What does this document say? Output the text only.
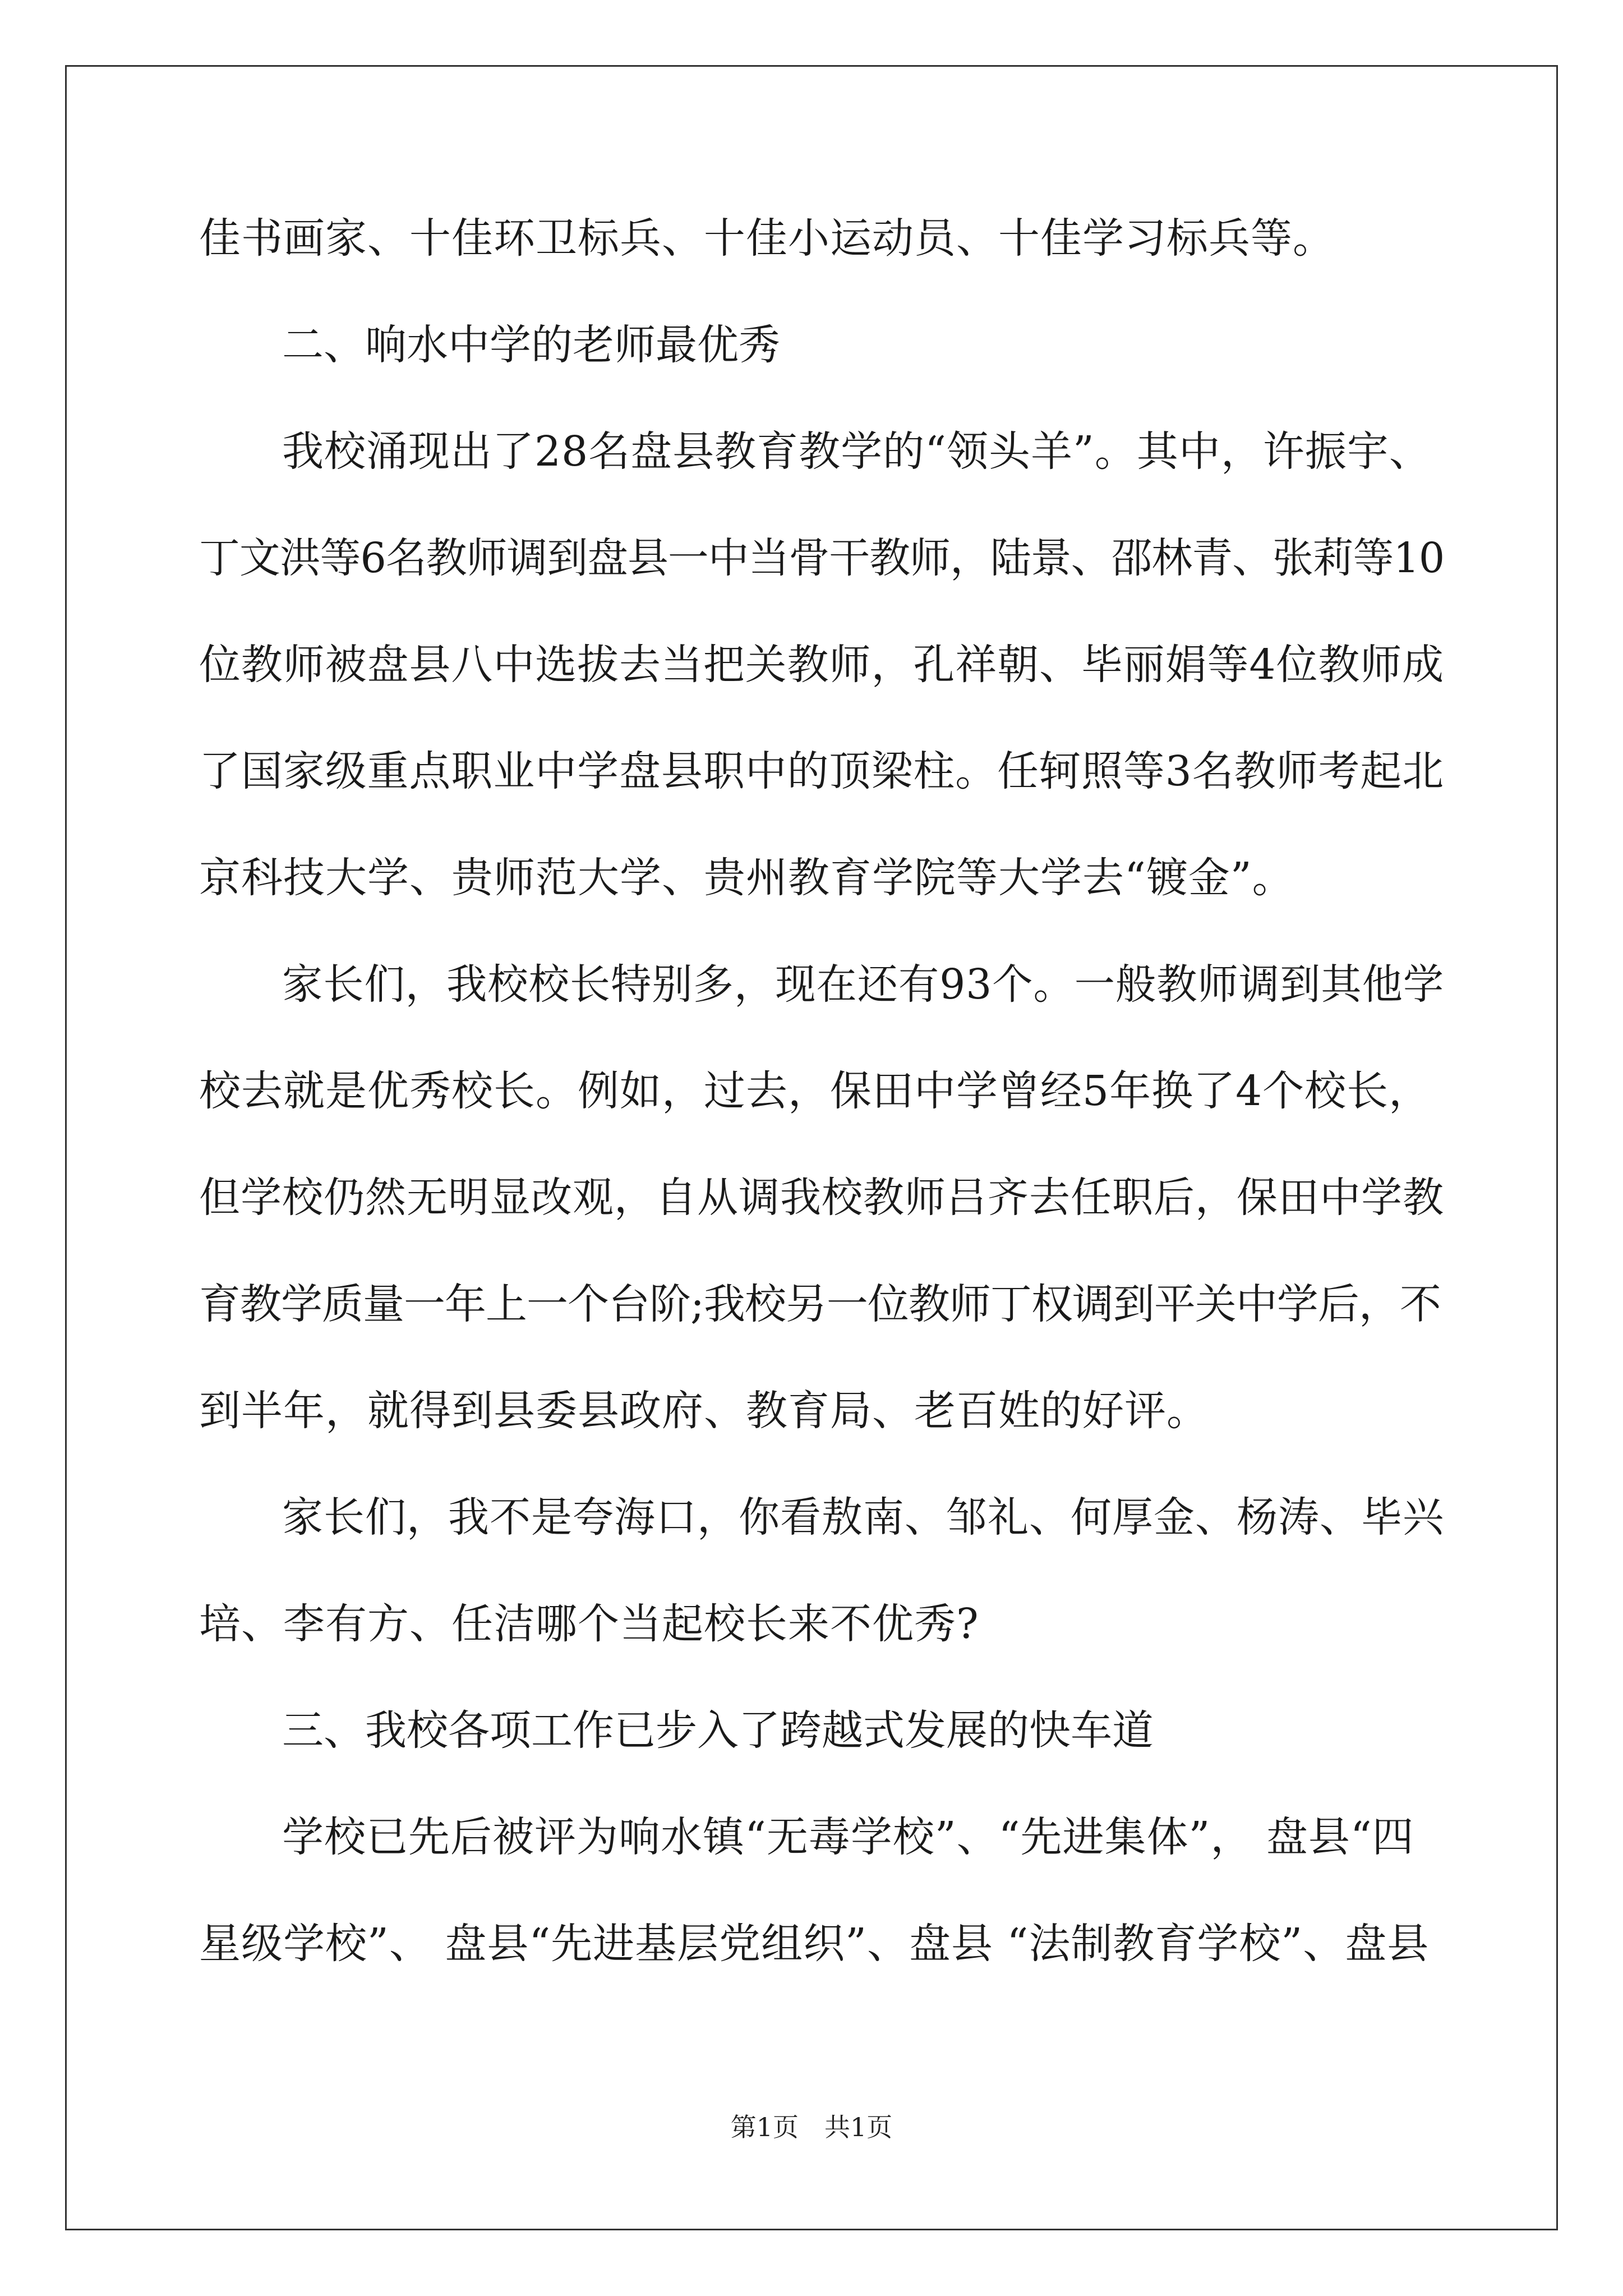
佳书画家、十佳环卫标兵、十佳小运动员、十佳学习标兵等。
二、响水中学的老师最优秀
我校涌现出了28名盘县教育教学的“领头羊”。其中，许振宇、
丁文洪等6名教师调到盘县一中当骨干教师，陆景、邵林青、张莉等10
位教师被盘县八中选拔去当把关教师，孔祥朝、毕丽娟等4位教师成
了国家级重点职业中学盘县职中的顶梁柱。任轲照等3名教师考起北
京科技大学、贵师范大学、贵州教育学院等大学去“镀金”。
家长们，我校校长特别多，现在还有93个。一般教师调到其他学
校去就是优秀校长。例如，过去，保田中学曾经5年换了4个校长，
但学校仍然无明显改观，自从调我校教师吕齐去任职后，保田中学教
育教学质量一年上一个台阶;我校另一位教师丁权调到平关中学后，不
到半年，就得到县委县政府、教育局、老百姓的好评。
家长们，我不是夸海口，你看敖南、邹礼、何厚金、杨涛、毕兴
培、李有方、任洁哪个当起校长来不优秀?
三、我校各项工作已步入了跨越式发展的快车道
学校已先后被评为响水镇“无毒学校”、“先进集体”， 盘县“四
星级学校”、 盘县“先进基层党组织”、盘县 “法制教育学校”、盘县
第1页　共1页
